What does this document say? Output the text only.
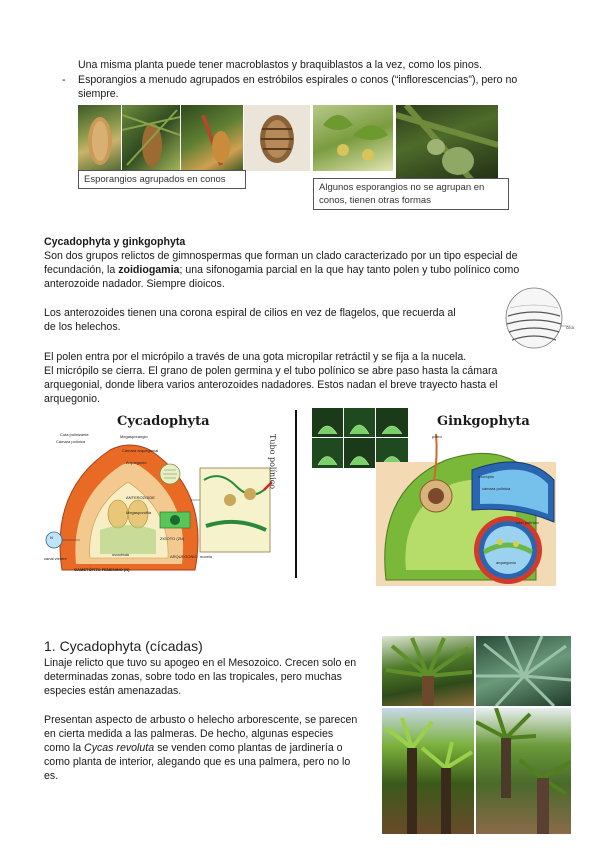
Una misma planta puede tener macroblastos y braquiblastos a la vez, como los pinos.

- Esporangios a menudo agrupados en estróbilos espirales o conos (“inflorescencias”), pero no

siempre.

Esporangios agrupados en conos
Algunos esporangios no se agrupan en
conos, tienen otras formas

Cycadophyta y ginkgophyta

Son dos grupos relictos de gimnospermas que forman un clado caracterizado por un tipo especial de

fecundación, la zoidiogamia; una sifonogamia parcial en la que hay tanto polen y tubo polínico como

anterozoide nadador. Siempre dioicos.

Los anterozoides tienen una corona espiral de cilios en vez de flagelos, que recuerda al

de los helechos.	cilia

El polen entra por el micrópilo a través de una gota micropilar retráctil y se fija a la nucela.

El micrópilo se cierra. El grano de polen germina y el tubo polínico se abre paso hasta la cámara

arquegonial, donde libera varios anterozoides nadadores. Estos nadan el breve trayecto hasta el

arquegonio.

Cycadophyta
Cota polinizante
Cámara polínica
Megasporangio
Cámara arquegonial
Arquegonio
ANTEROZOIDE
Megasporófila
ZIGOTO (2N)
ovocélula
N
canal vientre	nucela
ARQUEGONIO
GAMETÓFITO FEMENINO (N)
Tubo polínico
Ginkgophyta
polen
micrópilo
cámara polínica
tubo polínico
arquegonio
1. Cycadophyta (cícadas)

Linaje relicto que tuvo su apogeo en el Mesozoico. Crecen solo en

determinadas zonas, sobre todo en las tropicales, pero muchas

especies están amenazadas.

Presentan aspecto de arbusto o helecho arborescente, se parecen

en cierta medida a las palmeras. De hecho, algunas especies

como la Cycas revoluta se venden como plantas de jardinería o

como planta de interior, alegando que es una palmera, pero no lo

es.
